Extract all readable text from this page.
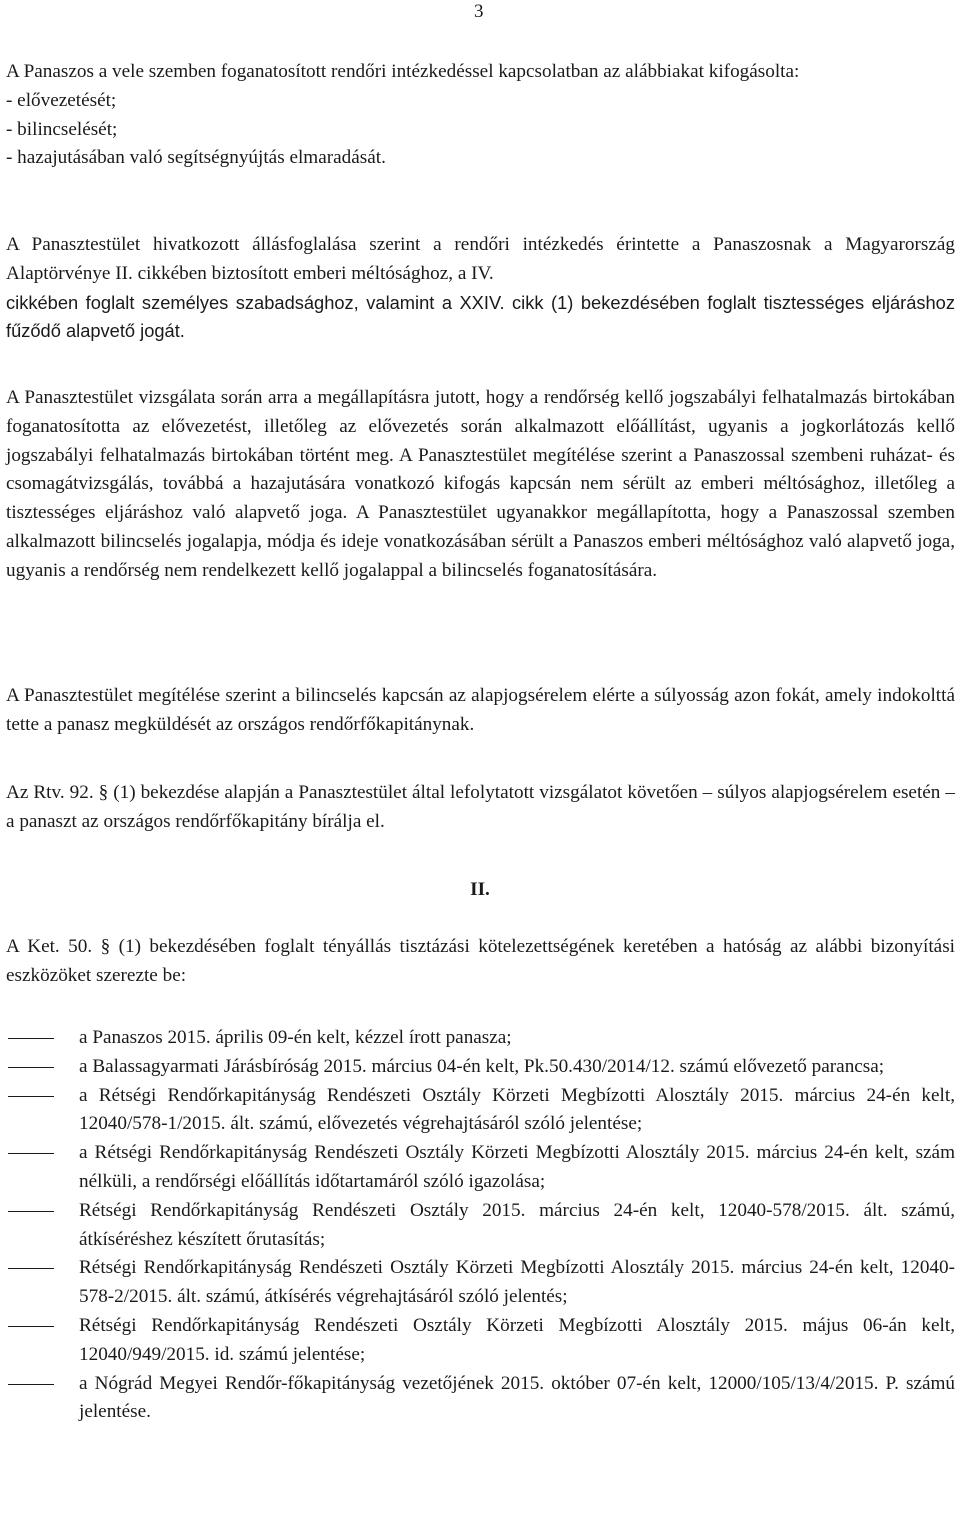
3

A Panaszos a vele szemben foganatosított rendőri intézkedéssel kapcsolatban az alábbiakat kifogásolta:

- elővezetését;

- bilincselését;

- hazajutásában való segítségnyújtás elmaradását.

A Panasztestület hivatkozott állásfoglalása szerint a rendőri intézkedés érintette a Panaszosnak a Magyarország Alaptörvénye II. cikkében biztosított emberi méltósághoz, a IV.

cikkében foglalt személyes szabadsághoz, valamint a XXIV. cikk (1) bekezdésében foglalt tisztességes eljáráshoz fűződő alapvető jogát.

A Panasztestület vizsgálata során arra a megállapításra jutott, hogy a rendőrség kellő jogszabályi felhatalmazás birtokában foganatosította az elővezetést, illetőleg az elővezetés során alkalmazott előállítást, ugyanis a jogkorlátozás kellő jogszabályi felhatalmazás birtokában történt meg. A Panasztestület megítélése szerint a Panaszossal szembeni ruházat- és csomagátvizsgálás, továbbá a hazajutására vonatkozó kifogás kapcsán nem sérült az emberi méltósághoz, illetőleg a tisztességes eljáráshoz való alapvető joga. A Panasztestület ugyanakkor megállapította, hogy a Panaszossal szemben alkalmazott bilincselés jogalapja, módja és ideje vonatkozásában sérült a Panaszos emberi méltósághoz való alapvető joga, ugyanis a rendőrség nem rendelkezett kellő jogalappal a bilincselés foganatosítására.

A Panasztestület megítélése szerint a bilincselés kapcsán az alapjogsérelem elérte a súlyosság azon fokát, amely indokolttá tette a panasz megküldését az országos rendőrfőkapitánynak.

Az Rtv. 92. § (1) bekezdése alapján a Panasztestület által lefolytatott vizsgálatot követően – súlyos alapjogsérelem esetén – a panaszt az országos rendőrfőkapitány bírálja el.

II.

A Ket. 50. § (1) bekezdésében foglalt tényállás tisztázási kötelezettségének keretében a hatóság az alábbi bizonyítási eszközöket szerezte be:

a Panaszos 2015. április 09-én kelt, kézzel írott panasza;
a Balassagyarmati Járásbíróság 2015. március 04-én kelt, Pk.50.430/2014/12. számú elővezető parancsa;
a Rétségi Rendőrkapitányság Rendészeti Osztály Körzeti Megbízotti Alosztály 2015. március 24-én kelt, 12040/578-1/2015. ált. számú, elővezetés végrehajtásáról szóló jelentése;
a Rétségi Rendőrkapitányság Rendészeti Osztály Körzeti Megbízotti Alosztály 2015. március 24-én kelt, szám nélküli, a rendőrségi előállítás időtartamáról szóló igazolása;
Rétségi Rendőrkapitányság Rendészeti Osztály 2015. március 24-én kelt, 12040-578/2015. ált. számú, átkíséréshez készített őrutasítás;
Rétségi Rendőrkapitányság Rendészeti Osztály Körzeti Megbízotti Alosztály 2015. március 24-én kelt, 12040-578-2/2015. ált. számú, átkísérés végrehajtásáról szóló jelentés;
Rétségi Rendőrkapitányság Rendészeti Osztály Körzeti Megbízotti Alosztály 2015. május 06-án kelt, 12040/949/2015. id. számú jelentése;
a Nógrád Megyei Rendőr-főkapitányság vezetőjének 2015. október 07-én kelt, 12000/105/13/4/2015. P. számú jelentése.
